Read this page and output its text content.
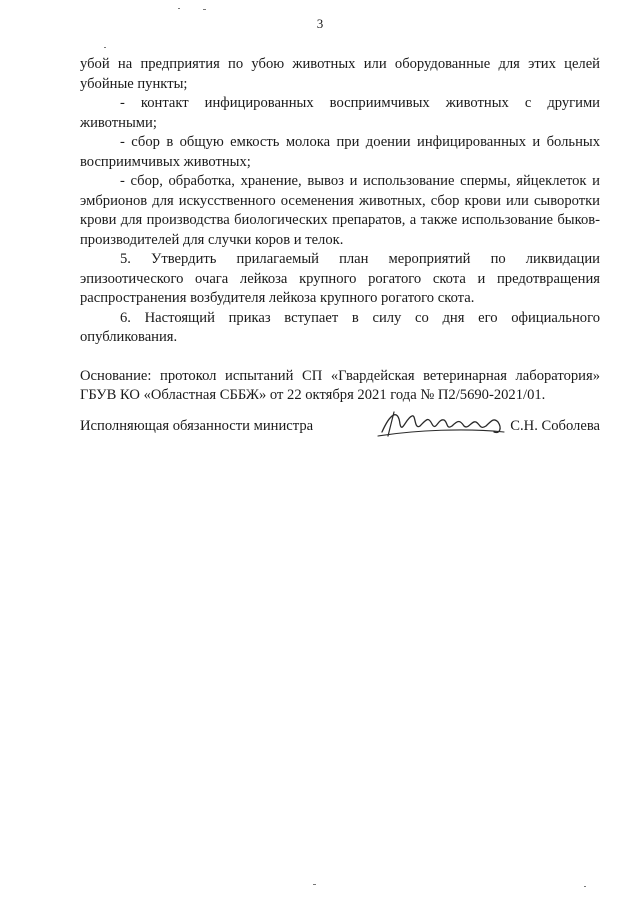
3

убой на предприятия по убою животных или оборудованные для этих целей убойные пункты;

- контакт инфицированных восприимчивых животных с другими животными;

- сбор в общую емкость молока при доении инфицированных и больных восприимчивых животных;

- сбор, обработка, хранение, вывоз и использование спермы, яйцеклеток и эмбрионов для искусственного осеменения животных, сбор крови или сыворотки крови для производства биологических препаратов, а также использование быков-производителей для случки коров и телок.

5. Утвердить прилагаемый план мероприятий по ликвидации эпизоотического очага лейкоза крупного рогатого скота и предотвращения распространения возбудителя лейкоза крупного рогатого скота.

6. Настоящий приказ вступает в силу со дня его официального опубликования.

Основание: протокол испытаний СП «Гвардейская ветеринарная лаборатория» ГБУВ КО «Областная СББЖ» от 22 октября 2021 года № П2/5690-2021/01.

Исполняющая обязанности министра	С.Н. Соболева
